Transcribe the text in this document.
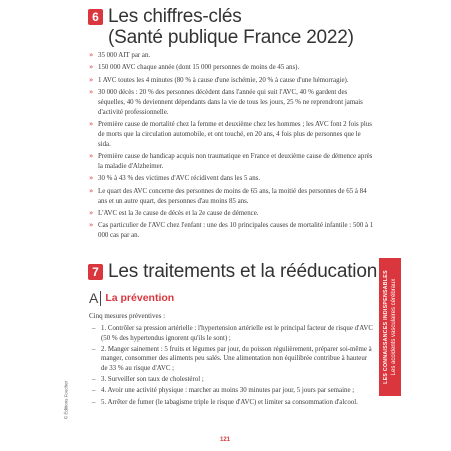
6 Les chiffres-clés
(Santé publique France 2022)
» 35 000 AIT par an.
» 150 000 AVC chaque année (dont 15 000 personnes de moins de 45 ans).
» 1 AVC toutes les 4 minutes (80 % à cause d'une ischémie, 20 % à cause d'une hémorragie).
» 30 000 décès : 20 % des personnes décèdent dans l'année qui suit l'AVC, 40 % gardent des séquelles, 40 % deviennent dépendants dans la vie de tous les jours, 25 % ne reprendront jamais d'activité professionnelle.
» Première cause de mortalité chez la femme et deuxième chez les hommes ; les AVC font 2 fois plus de morts que la circulation automobile, et ont touché, en 20 ans, 4 fois plus de personnes que le sida.
» Première cause de handicap acquis non traumatique en France et deuxième cause de démence après la maladie d'Alzheimer.
» 30 % à 43 % des victimes d'AVC récidivent dans les 5 ans.
» Le quart des AVC concerne des personnes de moins de 65 ans, la moitié des personnes de 65 à 84 ans et un autre quart, des personnes d'au moins 85 ans.
» L'AVC est la 3e cause de décès et la 2e cause de démence.
» Cas particulier de l'AVC chez l'enfant : une des 10 principales causes de mortalité infantile : 500 à 1 000 cas par an.
7 Les traitements et la rééducation
A La prévention
Cinq mesures préventives :
– 1. Contrôler sa pression artérielle : l'hypertension artérielle est le principal facteur de risque d'AVC (50 % des hypertendus ignorent qu'ils le sont) ;
– 2. Manger sainement : 5 fruits et légumes par jour, du poisson régulièrement, préparer soi-même à manger, consommer des aliments peu salés. Une alimentation non équilibrée contribue à hauteur de 33 % au risque d'AVC ;
– 3. Surveiller son taux de cholestérol ;
– 4. Avoir une activité physique : marcher au moins 30 minutes par jour, 5 jours par semaine ;
– 5. Arrêter de fumer (le tabagisme triple le risque d'AVC) et limiter sa consommation d'alcool.
LES CONNAISSANCES INDISPENSABLES Les accidents vasculaires cérébraux
© Éditions Foucher
121
